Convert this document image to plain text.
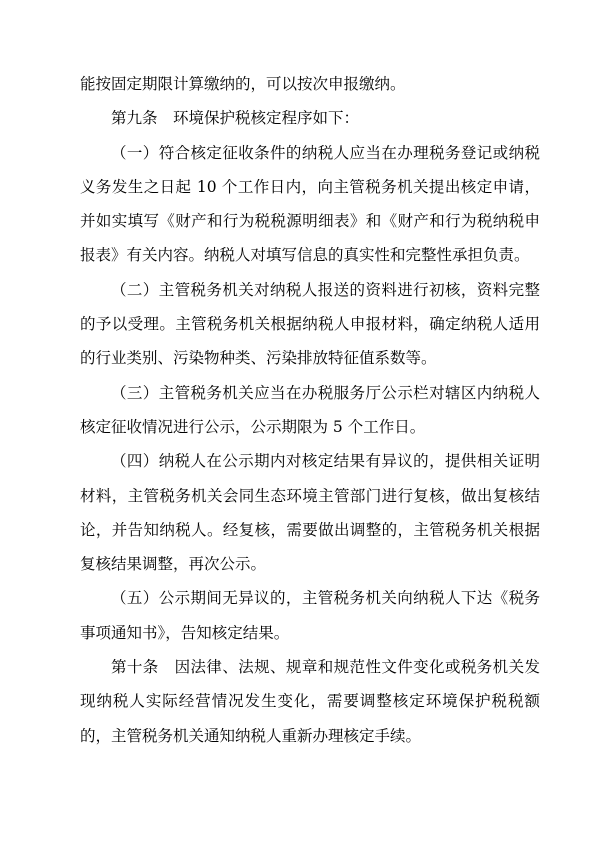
能按固定期限计算缴纳的，可以按次申报缴纳。

第九条　环境保护税核定程序如下：

（一）符合核定征收条件的纳税人应当在办理税务登记或纳税义务发生之日起 10 个工作日内，向主管税务机关提出核定申请，并如实填写《财产和行为税税源明细表》和《财产和行为税纳税申报表》有关内容。纳税人对填写信息的真实性和完整性承担负责。

（二）主管税务机关对纳税人报送的资料进行初核，资料完整的予以受理。主管税务机关根据纳税人申报材料，确定纳税人适用的行业类别、污染物种类、污染排放特征值系数等。

（三）主管税务机关应当在办税服务厅公示栏对辖区内纳税人核定征收情况进行公示，公示期限为 5 个工作日。

（四）纳税人在公示期内对核定结果有异议的，提供相关证明材料，主管税务机关会同生态环境主管部门进行复核，做出复核结论，并告知纳税人。经复核，需要做出调整的，主管税务机关根据复核结果调整，再次公示。

（五）公示期间无异议的，主管税务机关向纳税人下达《税务事项通知书》，告知核定结果。

第十条　因法律、法规、规章和规范性文件变化或税务机关发现纳税人实际经营情况发生变化，需要调整核定环境保护税税额的，主管税务机关通知纳税人重新办理核定手续。
